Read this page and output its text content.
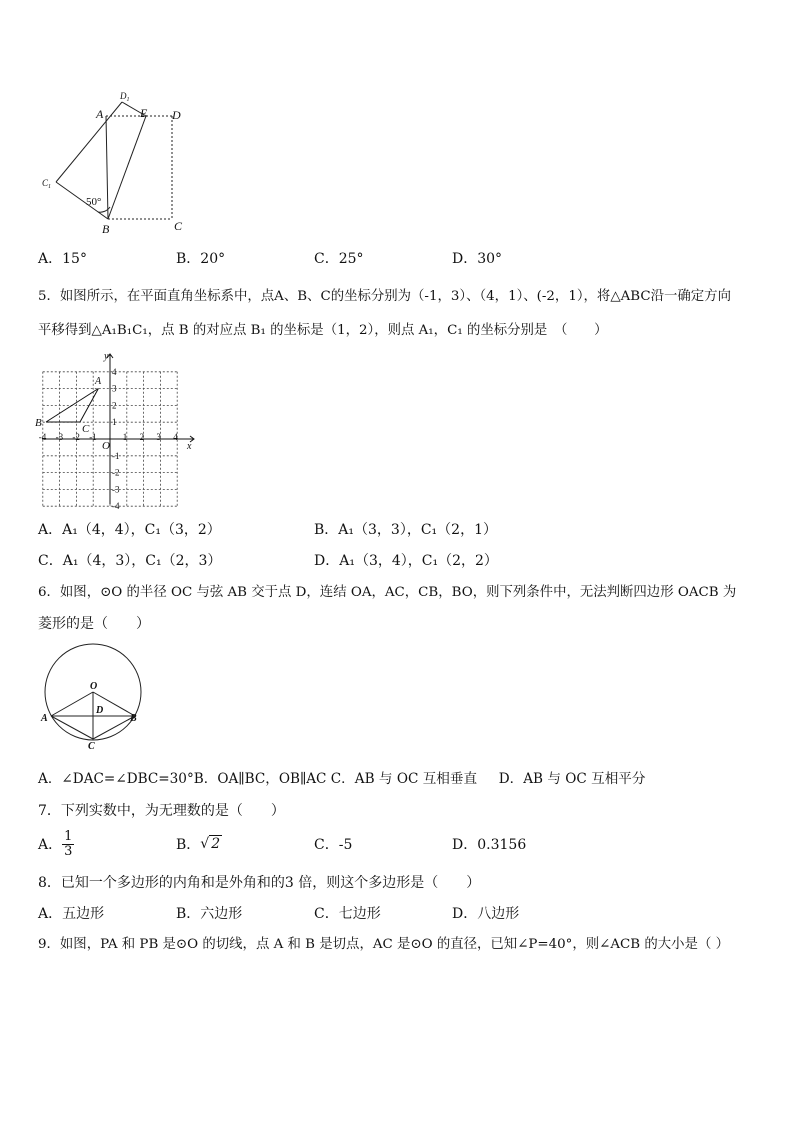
A
$D_1$
E D
$C_1$
B	C
50°
A．15°	B．20°	C．25°	D．30°
5．如图所示，在平面直角坐标系中，点A、B、C的坐标分别为（-1，3）、（4，1）、(-2，1），将△ABC沿一确定方向
平移得到△A₁B₁C₁，点 B 的对应点 B₁ 的坐标是（1，2），则点 A₁，C₁ 的坐标分别是　（　　）
-4 -3 -2 -1	1 2 3 4
4
3
2
1
-1
-2
-3
-4
A
B	C
O	x
y
A．A₁（4，4），C₁（3，2）	B．A₁（3，3），C₁（2，1）
C．A₁（4，3），C₁（2，3）	D．A₁（3，4），C₁（2，2）
6．如图，⊙O 的半径 OC 与弦 AB 交于点 D，连结 OA，AC，CB，BO，则下列条件中，无法判断四边形 OACB 为
菱形的是（　　）
O
A	B
D
C
A．∠DAC=∠DBC=30°B．OA∥BC，OB∥AC C．AB 与 OC 互相垂直 D．AB 与 OC 互相平分
7．下列实数中，为无理数的是（　　）
A． $\frac{1}{3}$	B． √ 2	C．-5	D．0.3156
8．已知一个多边形的内角和是外角和的3 倍，则这个多边形是（　　）
A．五边形	B．六边形	C．七边形	D．八边形
9．如图，PA 和 PB 是⊙O 的切线，点 A 和 B 是切点，AC 是⊙O 的直径，已知∠P=40°，则∠ACB 的大小是（ ）
